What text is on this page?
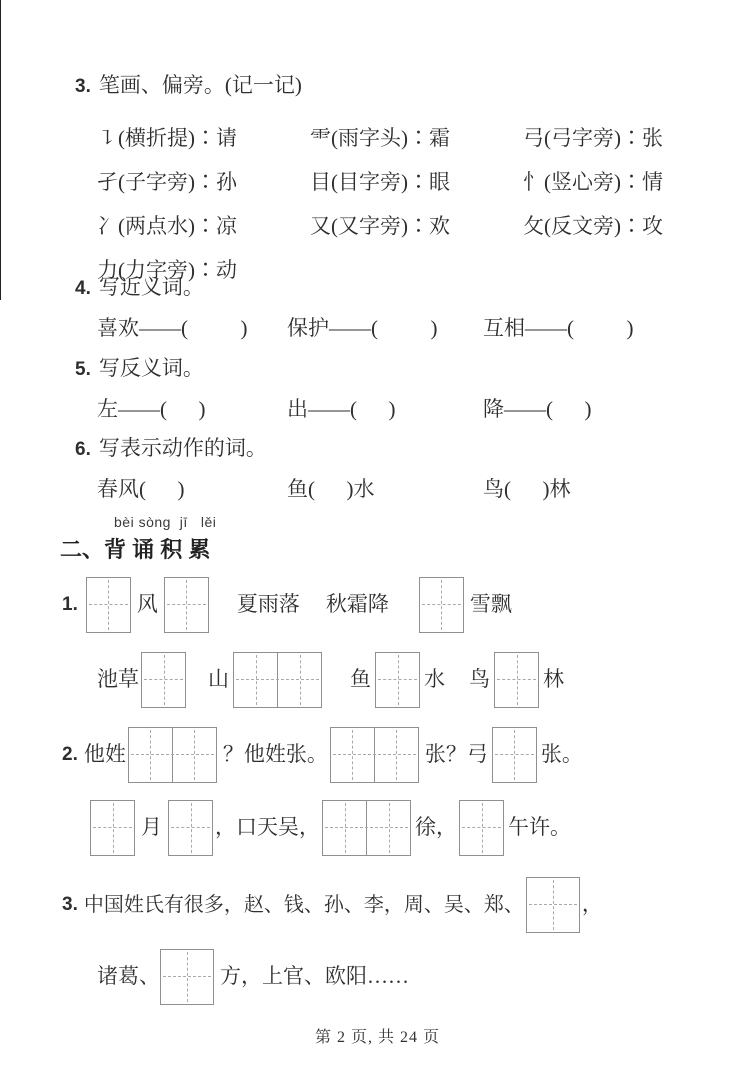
3. 笔画、偏旁。(记一记)
㇊(横折提)∶请	⻗(雨字头)∶霜	弓(弓字旁)∶张
孑(子字旁)∶孙	目(目字旁)∶眼	忄(竖心旁)∶情
冫(两点水)∶凉	又(又字旁)∶欢	攵(反文旁)∶攻
力(力字旁)∶动
4. 写近义词。
喜欢——(          )	保护——(          )	互相——(          )
5. 写反义词。
左——(      )	出——(      )	降——(      )
6. 写表示动作的词。
春风(      )	鱼(      )水	鸟(      )林
bèi sòng  jī   lěi
二、背 诵 积 累
1.	风	夏雨落 秋霜降	雪飘
池草	山	鱼	水 鸟	林
2. 他姓	？他姓张。	张？弓	张。
月	，口天吴，	徐， 午许。
3. 中国姓氏有很多，赵、钱、孙、李，周、吴、郑、	，
诸葛、	方，上官、欧阳……
第 2 页, 共 24 页
